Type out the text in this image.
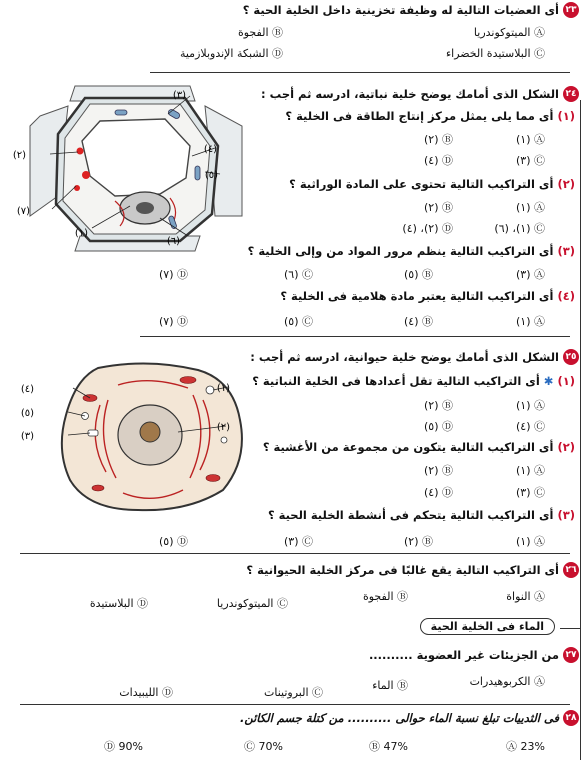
٢٣
أى العضيات التالية له وظيفة تخزينية داخل الخلية الحية ؟
Ⓐ الميتوكوندريا
Ⓑ الفجوة
Ⓒ البلاستيدة الخضراء
Ⓓ الشبكة الإندوبلازمية
٢٤
الشكل الذى أمامك يوضح خلية نباتية، ادرسه ثم أجب :
(١) أى مما يلى يمثل مركز إنتاج الطاقة فى الخلية ؟
Ⓐ (١)
Ⓑ (٢)
Ⓒ (٣)
Ⓓ (٤)
(٢) أى التراكيب التالية تحتوى على المادة الوراثية ؟
Ⓐ (١)
Ⓑ (٢)
Ⓒ (١)، (٦)
Ⓓ (٢)، (٤)
(٣) أى التراكيب التالية ينظم مرور المواد من وإلى الخلية ؟
Ⓐ (٣)
Ⓑ (٥)
Ⓒ (٦)
Ⓓ (٧)
(٤) أى التراكيب التالية يعتبر مادة هلامية فى الخلية ؟
Ⓐ (١)
Ⓑ (٤)
Ⓒ (٥)
Ⓓ (٧)
(٣)
(٤)
(٥)
(٢)
(٧)
(١)
(٦)
٢٥
الشكل الذى أمامك يوضح خلية حيوانية، ادرسه ثم أجب :
(١) ✱ أى التراكيب التالية تقل أعدادها فى الخلية النباتية ؟
Ⓐ (١)
Ⓑ (٢)
Ⓒ (٤)
Ⓓ (٥)
(٢) أى التراكيب التالية يتكون من مجموعة من الأغشية ؟
Ⓐ (١)
Ⓑ (٢)
Ⓒ (٣)
Ⓓ (٤)
(٣) أى التراكيب التالية يتحكم فى أنشطة الخلية الحية ؟
Ⓐ (١)
Ⓑ (٢)
Ⓒ (٣)
Ⓓ (٥)
(٤)
(٥)
(٣)
(١)
(٢)
٢٦
أى التراكيب التالية يقع غالبًا فى مركز الخلية الحيوانية ؟
Ⓐ النواة
Ⓑ الفجوة
Ⓒ الميتوكوندريا
Ⓓ البلاستيدة
الماء فى الخلية الحية
٢٧
من الجزيئات غير العضوية ..........
Ⓐ الكربوهيدرات
Ⓑ الماء
Ⓒ البروتينات
Ⓓ الليبيدات
٢٨
فى الثدييات تبلغ نسبة الماء حوالى .......... من كتلة جسم الكائن.
Ⓐ 23%
Ⓑ 47%
Ⓒ 70%
Ⓓ 90%
